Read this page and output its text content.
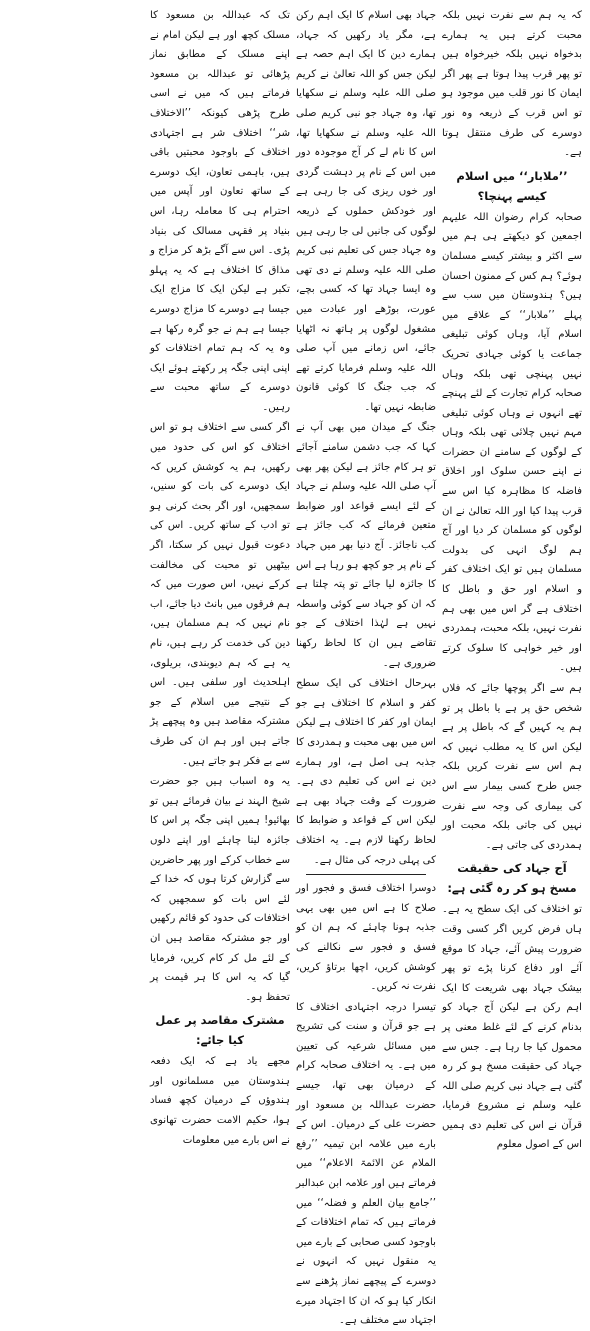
کہ یہ ہم سے نفرت نہیں بلکہ محبت کرتے ہیں یہ ہمارے بدخواہ نہیں بلکہ خیرخواہ ہیں تو پھر قرب پیدا ہوتا ہے پھر اگر ایمان کا نور قلب میں موجود ہو تو اس قرب کے ذریعہ وہ نور دوسرے کی طرف منتقل ہوتا ہے۔

’’ملابار‘‘ میں اسلام کیسے پہنچا؟

صحابہ کرام رضوان اللہ علیہم اجمعین کو دیکھتے ہی ہم میں سے اکثر و بیشتر کیسے مسلمان ہوئے؟ ہم کس کے ممنون احسان ہیں؟ ہندوستان میں سب سے پہلے ’’ملابار‘‘ کے علاقے میں اسلام آیا، وہاں کوئی تبلیغی جماعت یا کوئی جہادی تحریک نہیں پہنچی تھی بلکہ وہاں صحابہ کرام تجارت کے لئے پہنچے تھے انہوں نے وہاں کوئی تبلیغی مہم نہیں چلائی تھی بلکہ وہاں کے لوگوں کے سامنے ان حضرات نے اپنے حسن سلوک اور اخلاق فاضلہ کا مظاہرہ کیا اس سے قرب پیدا کیا اور اللہ تعالیٰ نے ان لوگوں کو مسلمان کر دیا اور آج ہم لوگ انہی کی بدولت مسلمان ہیں تو ایک اختلاف کفر و اسلام اور حق و باطل کا اختلاف ہے گر اس میں بھی ہم نفرت نہیں، بلکہ محبت، ہمدردی اور خیر خواہی کا سلوک کرتے ہیں۔

ہم سے اگر پوچھا جائے کہ فلاں شخص حق پر ہے یا باطل پر تو ہم یہ کہیں گے کہ باطل پر ہے لیکن اس کا یہ مطلب نہیں کہ ہم اس سے نفرت کریں بلکہ جس طرح کسی بیمار سے اس کی بیماری کی وجہ سے نفرت نہیں کی جاتی بلکہ محبت اور ہمدردی کی جاتی ہے۔

آج جہاد کی حقیقت مسخ ہو کر رہ گئی ہے:

تو اختلاف کی ایک سطح یہ ہے۔ ہاں فرض کریں اگر کسی وقت ضرورت پیش آئے، جہاد کا موقع آئے اور دفاع کرنا پڑے تو پھر بیشک جہاد بھی شریعت کا ایک اہم رکن ہے لیکن آج جہاد کو بدنام کرنے کے لئے غلط معنی پر محمول کیا جا رہا ہے۔ جس سے جہاد کی حقیقت مسخ ہو کر رہ گئی ہے جہاد نبی کریم صلی اللہ علیہ وسلم نے مشروع فرمایا، قرآن نے اس کی تعلیم دی ہمیں اس کے اصول معلوم

جہاد بھی اسلام کا ایک اہم رکن ہے، مگر یاد رکھیں کہ جہاد، ہمارے دین کا ایک اہم حصہ ہے لیکن جس کو اللہ تعالیٰ نے کریم صلی اللہ علیہ وسلم نے سکھایا تھا، وہ جہاد جو نبی کریم صلی اللہ علیہ وسلم نے سکھایا تھا، اس کا نام لے کر آج موجودہ دور میں اس کے نام پر دہشت گردی اور خوں ریزی کی جا رہی ہے اور خودکش حملوں کے ذریعہ لوگوں کی جانیں لی جا رہی ہیں وہ جہاد جس کی تعلیم نبی کریم صلی اللہ علیہ وسلم نے دی تھی وہ ایسا جہاد تھا کہ کسی بچے، عورت، بوڑھے اور عبادت میں مشغول لوگوں پر ہاتھ نہ اٹھایا جائے، اس زمانے میں آپ صلی اللہ علیہ وسلم فرمایا کرتے تھے کہ جب جنگ کا کوئی قانون ضابطہ نہیں تھا۔

جنگ کے میدان میں بھی آپ نے کہا کہ جب دشمن سامنے آجائے تو ہر کام جائز ہے لیکن پھر بھی آپ صلی اللہ علیہ وسلم نے جہاد کے لئے ایسے قواعد اور ضوابط متعین فرمائے کہ کب جائز ہے کب ناجائز۔ آج دنیا بھر میں جہاد کے نام پر جو کچھ ہو رہا ہے اس کا جائزہ لیا جائے تو پتہ چلتا ہے کہ ان کو جہاد سے کوئی واسطہ نہیں ہے لہٰذا اختلاف کے جو تقاضے ہیں ان کا لحاظ رکھنا ضروری ہے۔

بہرحال اختلاف کی ایک سطح کفر و اسلام کا اختلاف ہے جو ایمان اور کفر کا اختلاف ہے لیکن اس میں بھی محبت و ہمدردی کا جذبہ ہی اصل ہے، اور ہمارے دین نے اس کی تعلیم دی ہے۔ ضرورت کے وقت جہاد بھی ہے لیکن اس کے قواعد و ضوابط کا لحاظ رکھنا لازم ہے۔ یہ اختلاف کی پہلی درجہ کی مثال ہے۔

دوسرا اختلاف فسق و فجور اور صلاح کا ہے اس میں بھی یہی جذبہ ہونا چاہئے کہ ہم ان کو فسق و فجور سے نکالنے کی کوشش کریں، اچھا برتاؤ کریں، نفرت نہ کریں۔

تیسرا درجہ اجتہادی اختلاف کا ہے جو قرآن و سنت کی تشریح میں مسائل شرعیہ کی تعیین میں ہے۔ یہ اختلاف صحابہ کرام کے درمیان بھی تھا، جیسے حضرت عبداللہ بن مسعود اور حضرت علی کے درمیان۔ اس کے بارے میں علامہ ابن تیمیہ ’’رفع الملام عن الائمۃ الاعلام‘‘ میں فرماتے ہیں اور علامہ ابن عبدالبر ’’جامع بیان العلم و فضلہ‘‘ میں فرماتے ہیں کہ تمام اختلافات کے باوجود کسی صحابی کے بارے میں یہ منقول نہیں کہ انہوں نے دوسرے کے پیچھے نماز پڑھنے سے انکار کیا ہو کہ ان کا اجتہاد میرے اجتہاد سے مختلف ہے۔

تک کہ عبداللہ بن مسعود کا مسلک کچھ اور ہے لیکن امام نے اپنے مسلک کے مطابق نماز پڑھائی تو عبداللہ بن مسعود فرماتے ہیں کہ میں نے اسی طرح پڑھی کیونکہ ’’الاختلاف شر‘‘ اختلاف شر ہے اجتہادی اختلاف کے باوجود محبتیں باقی ہیں، باہمی تعاون، ایک دوسرے کے ساتھ تعاون اور آپس میں احترام ہی کا معاملہ رہا، اس بنیاد پر فقہی مسالک کی بنیاد پڑی۔ اس سے آگے بڑھ کر مزاج و مذاق کا اختلاف ہے کہ یہ پہلو تکبر ہے لیکن ایک کا مزاج ایک جیسا ہے دوسرے کا مزاج دوسرے جیسا ہے ہم نے جو گرہ رکھا ہے وہ یہ کہ ہم تمام اختلافات کو اپنی اپنی جگہ پر رکھتے ہوئے ایک دوسرے کے ساتھ محبت سے رہیں۔

اگر کسی سے اختلاف ہو تو اس اختلاف کو اس کی حدود میں رکھیں، ہم یہ کوشش کریں کہ ایک دوسرے کی بات کو سنیں، سمجھیں، اور اگر بحث کرنی ہو تو ادب کے ساتھ کریں۔ اس کی دعوت قبول نہیں کر سکتا، اگر بیٹھیں تو محبت کی مخالفت کرکے نہیں، اس صورت میں کہ ہم فرقوں میں بانٹ دیا جائے، اب نام نہیں کہ ہم مسلمان ہیں، دین کی خدمت کر رہے ہیں، نام یہ ہے کہ ہم دیوبندی، بریلوی، اہلحدیث اور سلفی ہیں۔ اس کے نتیجے میں اسلام کے جو مشترکہ مقاصد ہیں وہ پیچھے پڑ جاتے ہیں اور ہم ان کی طرف سے بے فکر ہو جاتے ہیں۔

یہ وہ اسباب ہیں جو حضرت شیخ الہند نے بیان فرمائے ہیں تو بھائیو! ہمیں اپنی جگہ پر اس کا جائزہ لینا چاہئے اور اپنے دلوں سے خطاب کرکے اور پھر حاضرین سے گزارش کرتا ہوں کہ خدا کے لئے اس بات کو سمجھیں کہ اختلافات کی حدود کو قائم رکھیں اور جو مشترکہ مقاصد ہیں ان کے لئے مل کر کام کریں، فرمایا گیا کہ یہ اس کا ہر قیمت پر تحفظ ہو۔

مشترک مقاصد پر عمل کیا جائے:

مجھے یاد ہے کہ ایک دفعہ ہندوستان میں مسلمانوں اور ہندوؤں کے درمیان کچھ فساد ہوا، حکیم الامت حضرت تھانوی نے اس بارے میں معلومات
